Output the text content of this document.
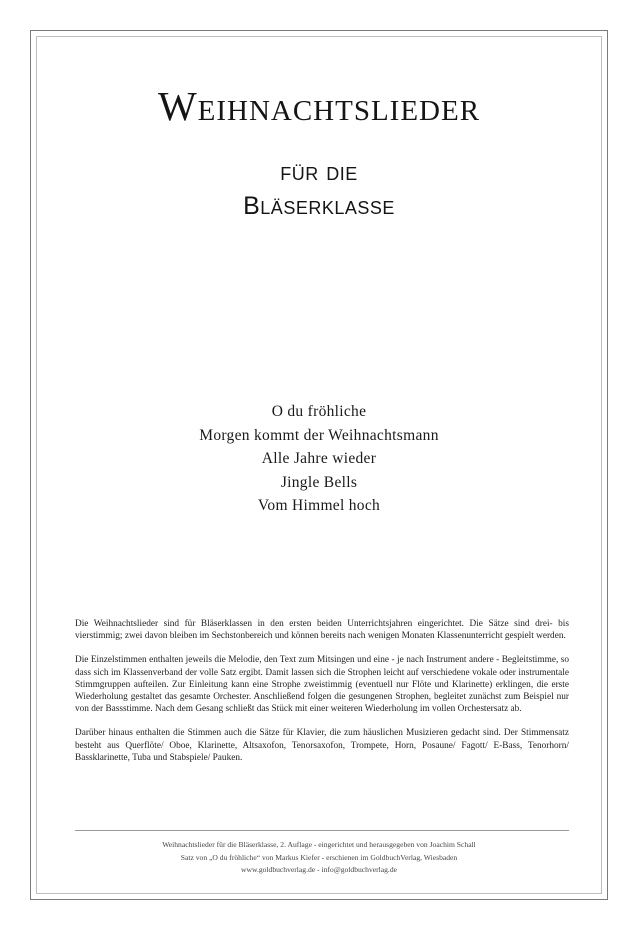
Weihnachtslieder
für die
Bläserklasse
O du fröhliche
Morgen kommt der Weihnachtsmann
Alle Jahre wieder
Jingle Bells
Vom Himmel hoch

Die Weihnachtslieder sind für Bläserklassen in den ersten beiden Unterrichtsjahren eingerichtet. Die Sätze sind drei- bis vierstimmig; zwei davon bleiben im Sechstonbereich und können bereits nach wenigen Monaten Klassenunterricht gespielt werden.

Die Einzelstimmen enthalten jeweils die Melodie, den Text zum Mitsingen und eine - je nach Instrument andere - Begleitstimme, so dass sich im Klassenverband der volle Satz ergibt. Damit lassen sich die Strophen leicht auf verschiedene vokale oder instrumentale Stimmgruppen aufteilen. Zur Einleitung kann eine Strophe zweistimmig (eventuell nur Flöte und Klarinette) erklingen, die erste Wiederholung gestaltet das gesamte Orchester. Anschließend folgen die gesungenen Strophen, begleitet zunächst zum Beispiel nur von der Bassstimme. Nach dem Gesang schließt das Stück mit einer weiteren Wiederholung im vollen Orchestersatz ab.

Darüber hinaus enthalten die Stimmen auch die Sätze für Klavier, die zum häuslichen Musizieren gedacht sind. Der Stimmensatz besteht aus Querflöte/ Oboe, Klarinette, Altsaxofon, Tenorsaxofon, Trompete, Horn, Posaune/ Fagott/ E-Bass, Tenorhorn/ Bassklarinette, Tuba und Stabspiele/ Pauken.

Weihnachtslieder für die Bläserklasse, 2. Auflage - eingerichtet und herausgegeben von Joachim Schall
Satz von „O du fröhliche“ von Markus Kiefer - erschienen im GoldbuchVerlag, Wiesbaden
www.goldbuchverlag.de - info@goldbuchverlag.de
